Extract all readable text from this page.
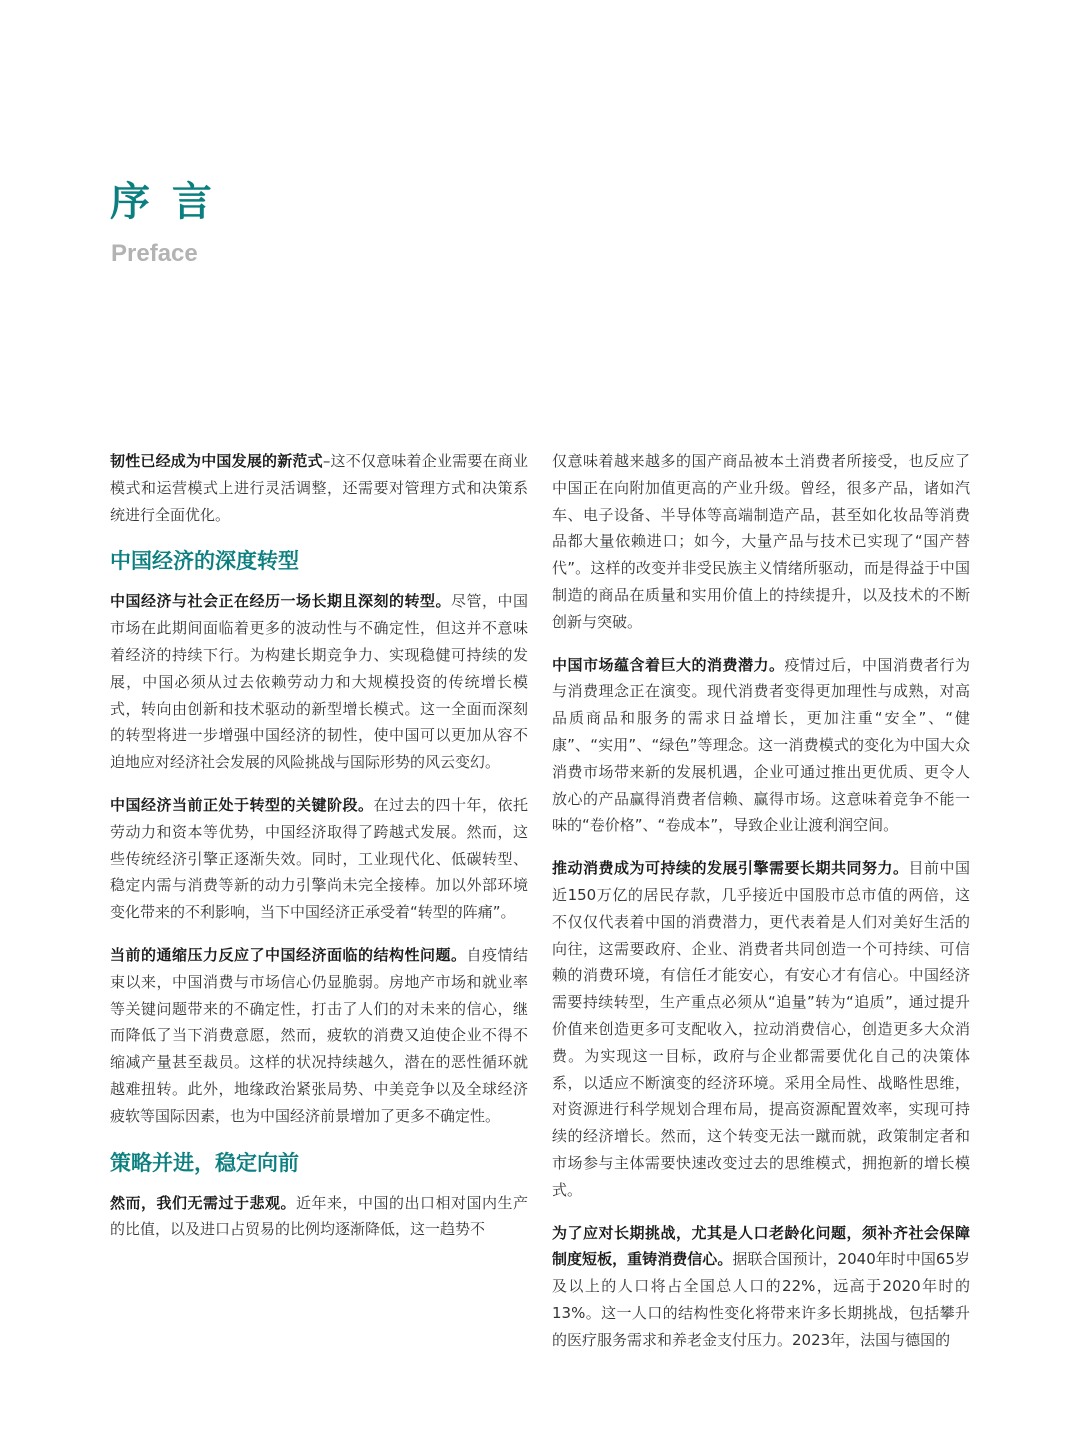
序 言
Preface

韧性已经成为中国发展的新范式–这不仅意味着企业需要在商业模式和运营模式上进行灵活调整，还需要对管理方式和决策系统进行全面优化。

中国经济的深度转型

中国经济与社会正在经历一场长期且深刻的转型。尽管，中国市场在此期间面临着更多的波动性与不确定性，但这并不意味着经济的持续下行。为构建长期竞争力、实现稳健可持续的发展，中国必须从过去依赖劳动力和大规模投资的传统增长模式，转向由创新和技术驱动的新型增长模式。这一全面而深刻的转型将进一步增强中国经济的韧性，使中国可以更加从容不迫地应对经济社会发展的风险挑战与国际形势的风云变幻。

中国经济当前正处于转型的关键阶段。在过去的四十年，依托劳动力和资本等优势，中国经济取得了跨越式发展。然而，这些传统经济引擎正逐渐失效。同时，工业现代化、低碳转型、稳定内需与消费等新的动力引擎尚未完全接棒。加以外部环境变化带来的不利影响，当下中国经济正承受着“转型的阵痛”。

当前的通缩压力反应了中国经济面临的结构性问题。自疫情结束以来，中国消费与市场信心仍显脆弱。房地产市场和就业率等关键问题带来的不确定性，打击了人们的对未来的信心，继而降低了当下消费意愿，然而，疲软的消费又迫使企业不得不缩减产量甚至裁员。这样的状况持续越久，潜在的恶性循环就越难扭转。此外，地缘政治紧张局势、中美竞争以及全球经济疲软等国际因素，也为中国经济前景增加了更多不确定性。

策略并进，稳定向前

然而，我们无需过于悲观。近年来，中国的出口相对国内生产的比值，以及进口占贸易的比例均逐渐降低，这一趋势不

仅意味着越来越多的国产商品被本土消费者所接受，也反应了中国正在向附加值更高的产业升级。曾经，很多产品，诸如汽车、电子设备、半导体等高端制造产品，甚至如化妆品等消费品都大量依赖进口；如今，大量产品与技术已实现了“国产替代”。这样的改变并非受民族主义情绪所驱动，而是得益于中国制造的商品在质量和实用价值上的持续提升，以及技术的不断创新与突破。

中国市场蕴含着巨大的消费潜力。疫情过后，中国消费者行为与消费理念正在演变。现代消费者变得更加理性与成熟，对高品质商品和服务的需求日益增长，更加注重“安全”、“健康”、“实用”、“绿色”等理念。这一消费模式的变化为中国大众消费市场带来新的发展机遇，企业可通过推出更优质、更令人放心的产品赢得消费者信赖、赢得市场。这意味着竞争不能一味的“卷价格”、“卷成本”，导致企业让渡利润空间。

推动消费成为可持续的发展引擎需要长期共同努力。目前中国近150万亿的居民存款，几乎接近中国股市总市值的两倍，这不仅仅代表着中国的消费潜力，更代表着是人们对美好生活的向往，这需要政府、企业、消费者共同创造一个可持续、可信赖的消费环境，有信任才能安心，有安心才有信心。中国经济需要持续转型，生产重点必须从“追量”转为“追质”，通过提升价值来创造更多可支配收入，拉动消费信心，创造更多大众消费。为实现这一目标，政府与企业都需要优化自己的决策体系，以适应不断演变的经济环境。采用全局性、战略性思维，对资源进行科学规划合理布局，提高资源配置效率，实现可持续的经济增长。然而，这个转变无法一蹴而就，政策制定者和市场参与主体需要快速改变过去的思维模式，拥抱新的增长模式。

为了应对长期挑战，尤其是人口老龄化问题，须补齐社会保障制度短板，重铸消费信心。据联合国预计，2040年时中国65岁及以上的人口将占全国总人口的22%，远高于2020年时的13%。这一人口的结构性变化将带来许多长期挑战，包括攀升的医疗服务需求和养老金支付压力。2023年，法国与德国的
